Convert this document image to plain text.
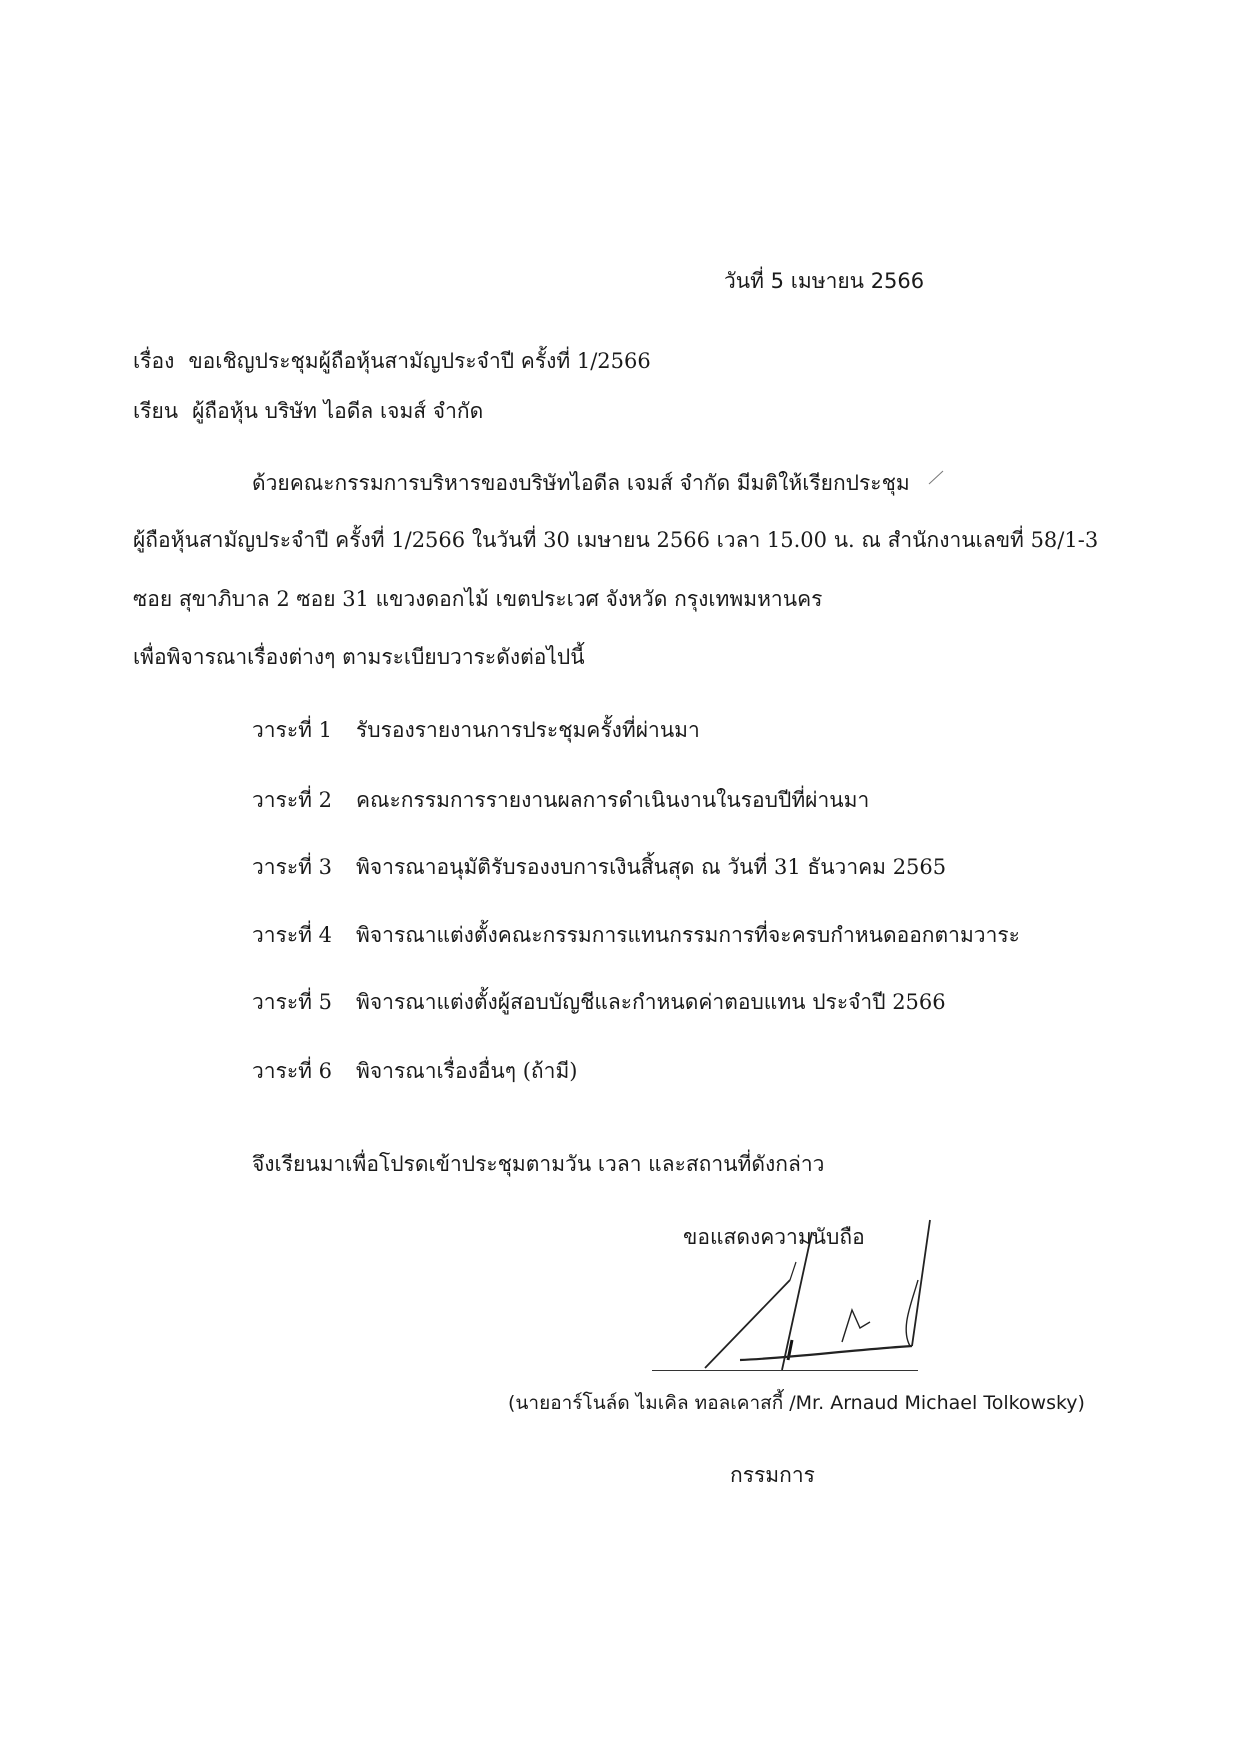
วันที่ 5 เมษายน 2566
เรื่อง ขอเชิญประชุมผู้ถือหุ้นสามัญประจำปี ครั้งที่ 1/2566
เรียน ผู้ถือหุ้น บริษัท ไอดีล เจมส์ จำกัด
ด้วยคณะกรรมการบริหารของบริษัทไอดีล เจมส์ จำกัด มีมติให้เรียกประชุม
ผู้ถือหุ้นสามัญประจำปี ครั้งที่ 1/2566 ในวันที่ 30 เมษายน 2566 เวลา 15.00 น. ณ สำนักงานเลขที่ 58/1-3
ซอย สุขาภิบาล 2 ซอย 31 แขวงดอกไม้ เขตประเวศ จังหวัด กรุงเทพมหานคร
เพื่อพิจารณาเรื่องต่างๆ ตามระเบียบวาระดังต่อไปนี้
วาระที่ 1 รับรองรายงานการประชุมครั้งที่ผ่านมา
วาระที่ 2 คณะกรรมการรายงานผลการดำเนินงานในรอบปีที่ผ่านมา
วาระที่ 3 พิจารณาอนุมัติรับรองงบการเงินสิ้นสุด ณ วันที่ 31 ธันวาคม 2565
วาระที่ 4 พิจารณาแต่งตั้งคณะกรรมการแทนกรรมการที่จะครบกำหนดออกตามวาระ
วาระที่ 5 พิจารณาแต่งตั้งผู้สอบบัญชีและกำหนดค่าตอบแทน ประจำปี 2566
วาระที่ 6 พิจารณาเรื่องอื่นๆ (ถ้ามี)
จึงเรียนมาเพื่อโปรดเข้าประชุมตามวัน เวลา และสถานที่ดังกล่าว
ขอแสดงความนับถือ
(นายอาร์โนล์ด ไมเคิล ทอลเคาสกี้ /Mr. Arnaud Michael Tolkowsky)
กรรมการ
